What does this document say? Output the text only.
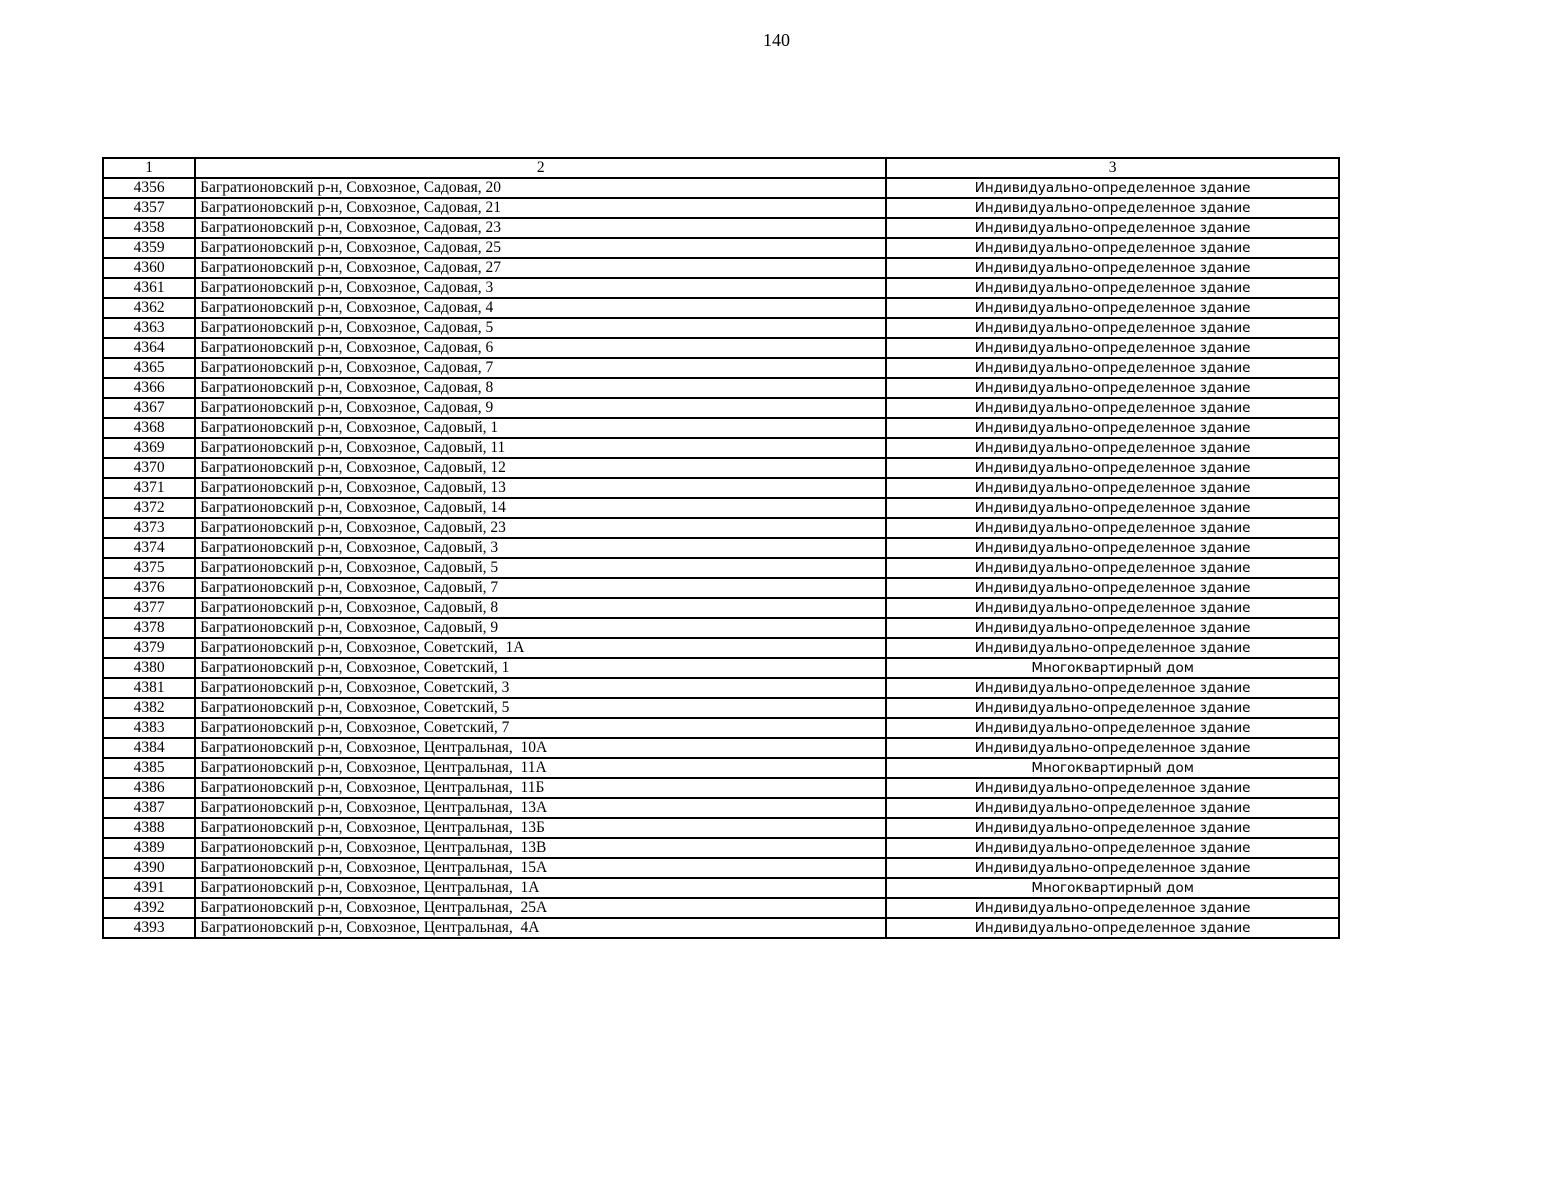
140
1	2	3
4356	Багратионовский р-н, Совхозное, Садовая, 20	Индивидуально-определенное здание
4357	Багратионовский р-н, Совхозное, Садовая, 21	Индивидуально-определенное здание
4358	Багратионовский р-н, Совхозное, Садовая, 23	Индивидуально-определенное здание
4359	Багратионовский р-н, Совхозное, Садовая, 25	Индивидуально-определенное здание
4360	Багратионовский р-н, Совхозное, Садовая, 27	Индивидуально-определенное здание
4361	Багратионовский р-н, Совхозное, Садовая, 3	Индивидуально-определенное здание
4362	Багратионовский р-н, Совхозное, Садовая, 4	Индивидуально-определенное здание
4363	Багратионовский р-н, Совхозное, Садовая, 5	Индивидуально-определенное здание
4364	Багратионовский р-н, Совхозное, Садовая, 6	Индивидуально-определенное здание
4365	Багратионовский р-н, Совхозное, Садовая, 7	Индивидуально-определенное здание
4366	Багратионовский р-н, Совхозное, Садовая, 8	Индивидуально-определенное здание
4367	Багратионовский р-н, Совхозное, Садовая, 9	Индивидуально-определенное здание
4368	Багратионовский р-н, Совхозное, Садовый, 1	Индивидуально-определенное здание
4369	Багратионовский р-н, Совхозное, Садовый, 11	Индивидуально-определенное здание
4370	Багратионовский р-н, Совхозное, Садовый, 12	Индивидуально-определенное здание
4371	Багратионовский р-н, Совхозное, Садовый, 13	Индивидуально-определенное здание
4372	Багратионовский р-н, Совхозное, Садовый, 14	Индивидуально-определенное здание
4373	Багратионовский р-н, Совхозное, Садовый, 23	Индивидуально-определенное здание
4374	Багратионовский р-н, Совхозное, Садовый, 3	Индивидуально-определенное здание
4375	Багратионовский р-н, Совхозное, Садовый, 5	Индивидуально-определенное здание
4376	Багратионовский р-н, Совхозное, Садовый, 7	Индивидуально-определенное здание
4377	Багратионовский р-н, Совхозное, Садовый, 8	Индивидуально-определенное здание
4378	Багратионовский р-н, Совхозное, Садовый, 9	Индивидуально-определенное здание
4379	Багратионовский р-н, Совхозное, Советский,  1А	Индивидуально-определенное здание
4380	Багратионовский р-н, Совхозное, Советский, 1	Многоквартирный дом
4381	Багратионовский р-н, Совхозное, Советский, 3	Индивидуально-определенное здание
4382	Багратионовский р-н, Совхозное, Советский, 5	Индивидуально-определенное здание
4383	Багратионовский р-н, Совхозное, Советский, 7	Индивидуально-определенное здание
4384	Багратионовский р-н, Совхозное, Центральная,  10А	Индивидуально-определенное здание
4385	Багратионовский р-н, Совхозное, Центральная,  11А	Многоквартирный дом
4386	Багратионовский р-н, Совхозное, Центральная,  11Б	Индивидуально-определенное здание
4387	Багратионовский р-н, Совхозное, Центральная,  13А	Индивидуально-определенное здание
4388	Багратионовский р-н, Совхозное, Центральная,  13Б	Индивидуально-определенное здание
4389	Багратионовский р-н, Совхозное, Центральная,  13В	Индивидуально-определенное здание
4390	Багратионовский р-н, Совхозное, Центральная,  15А	Индивидуально-определенное здание
4391	Багратионовский р-н, Совхозное, Центральная,  1А	Многоквартирный дом
4392	Багратионовский р-н, Совхозное, Центральная,  25А	Индивидуально-определенное здание
4393	Багратионовский р-н, Совхозное, Центральная,  4А	Индивидуально-определенное здание
